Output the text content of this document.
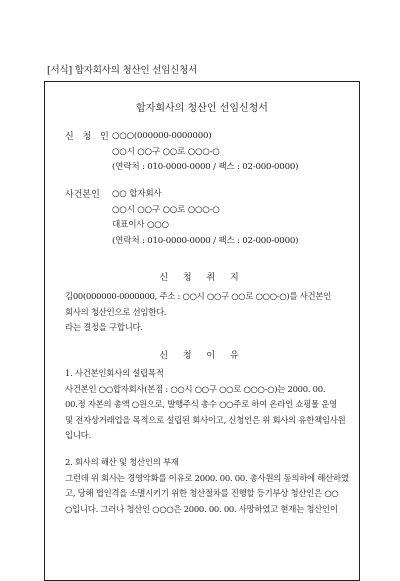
[서식] 합자회사의 청산인 선임신청서
합자회사의 청산인 선임신청서
신 청 인 ○○○(000000-0000000)
○○시 ○○구 ○○로 ○○○-○
(연락처 : 010-0000-0000 / 팩스 : 02-000-0000)
사건본인	○○ 합자회사
○○시 ○○구 ○○로 ○○○-○
대표이사 ○○○
(연락처 : 010-0000-0000 / 팩스 : 02-000-0000)
신 청 취 지
김00(000000-0000000, 주소 : ○○시 ○○구 ○○로 ○○○-○)를 사건본인
회사의 청산인으로 선임한다.
라는 결정을 구합니다.
신 청 이 유
1. 사건본인회사의 설립목적
사건본인 ○○합자회사(본점 : ○○시 ○○구 ○○로 ○○○-○)는 2000. 00.
00.정 자본의 총액 ○원으로, 발행주식 총수 ○○주로 하여 온라인 쇼핑몰 운영
및 전자상거래업을 목적으로 설립된 회사이고, 신청인은 위 회사의 유한책임사원
입니다.
2. 회사의 해산 및 청산인의 부재
그런데 위 회사는 경영악화를 이유로 2000. 00. 00. 총사원의 동의하에 해산하였
고, 당해 법인격을 소멸시키기 위한 청산절차를 진행할 등기부상 청산인은 ○○
○입니다. 그러나 청산인 ○○○은 2000. 00. 00. 사망하였고 현재는 청산인이
